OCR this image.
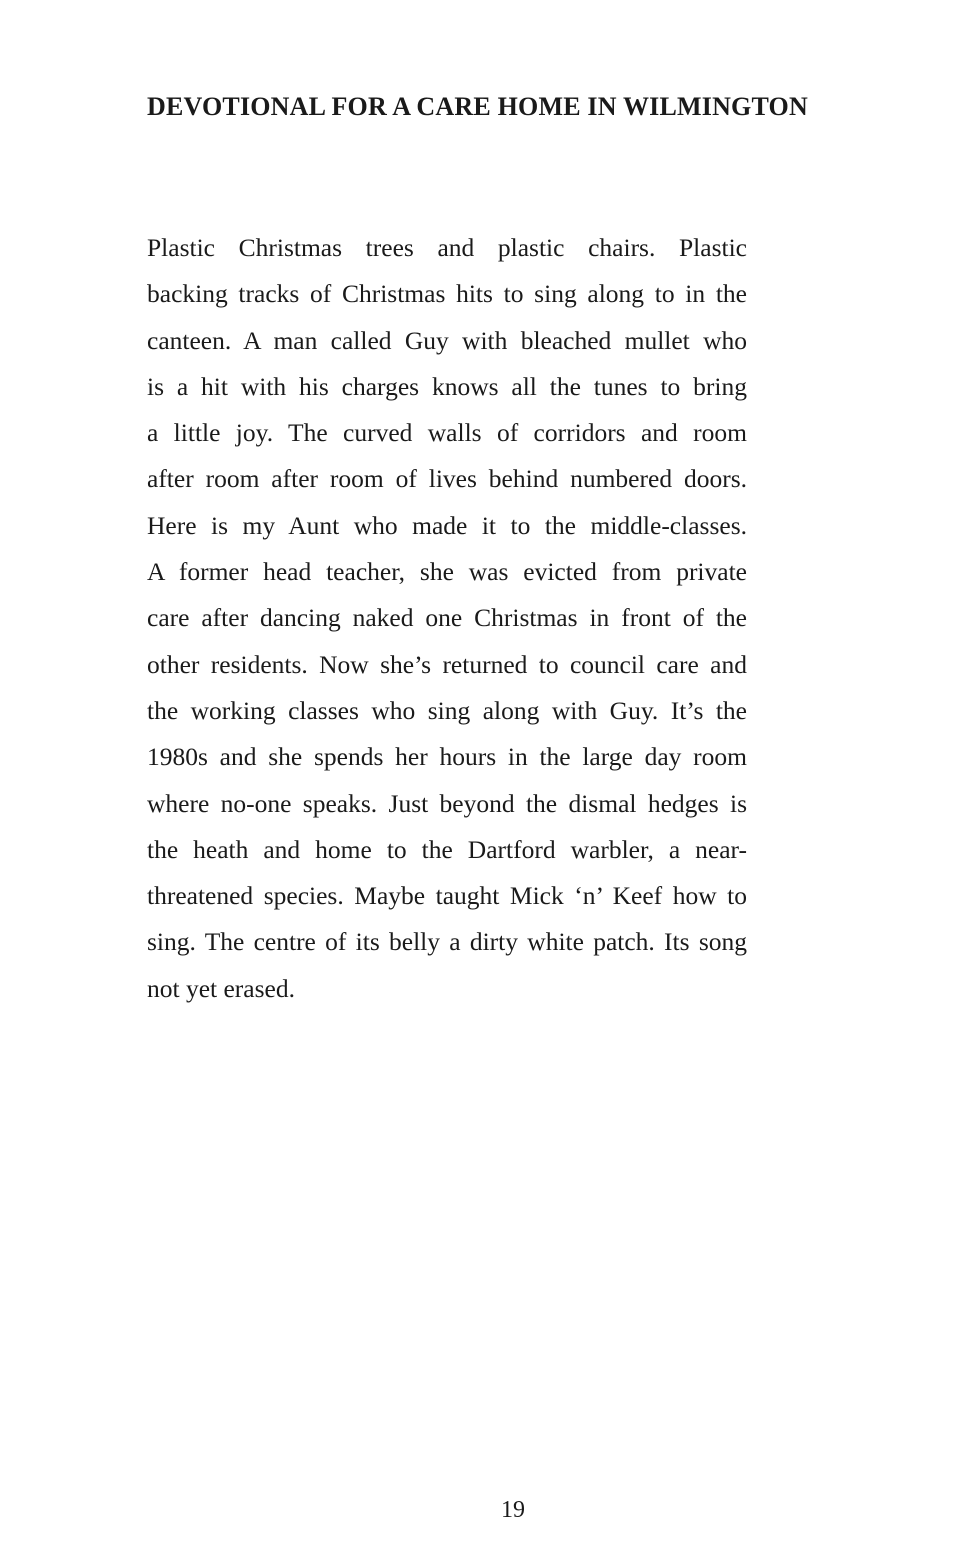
DEVOTIONAL FOR A CARE HOME IN WILMINGTON
Plastic Christmas trees and plastic chairs. Plastic
backing tracks of Christmas hits to sing along to in the
canteen. A man called Guy with bleached mullet who
is a hit with his charges knows all the tunes to bring
a little joy. The curved walls of corridors and room
after room after room of lives behind numbered doors.
Here is my Aunt who made it to the middle-classes.
A former head teacher, she was evicted from private
care after dancing naked one Christmas in front of the
other residents. Now she’s returned to council care and
the working classes who sing along with Guy. It’s the
1980s and she spends her hours in the large day room
where no-one speaks. Just beyond the dismal hedges is
the heath and home to the Dartford warbler, a near-
threatened species. Maybe taught Mick ‘n’ Keef how to
sing. The centre of its belly a dirty white patch. Its song
not yet erased.

19
